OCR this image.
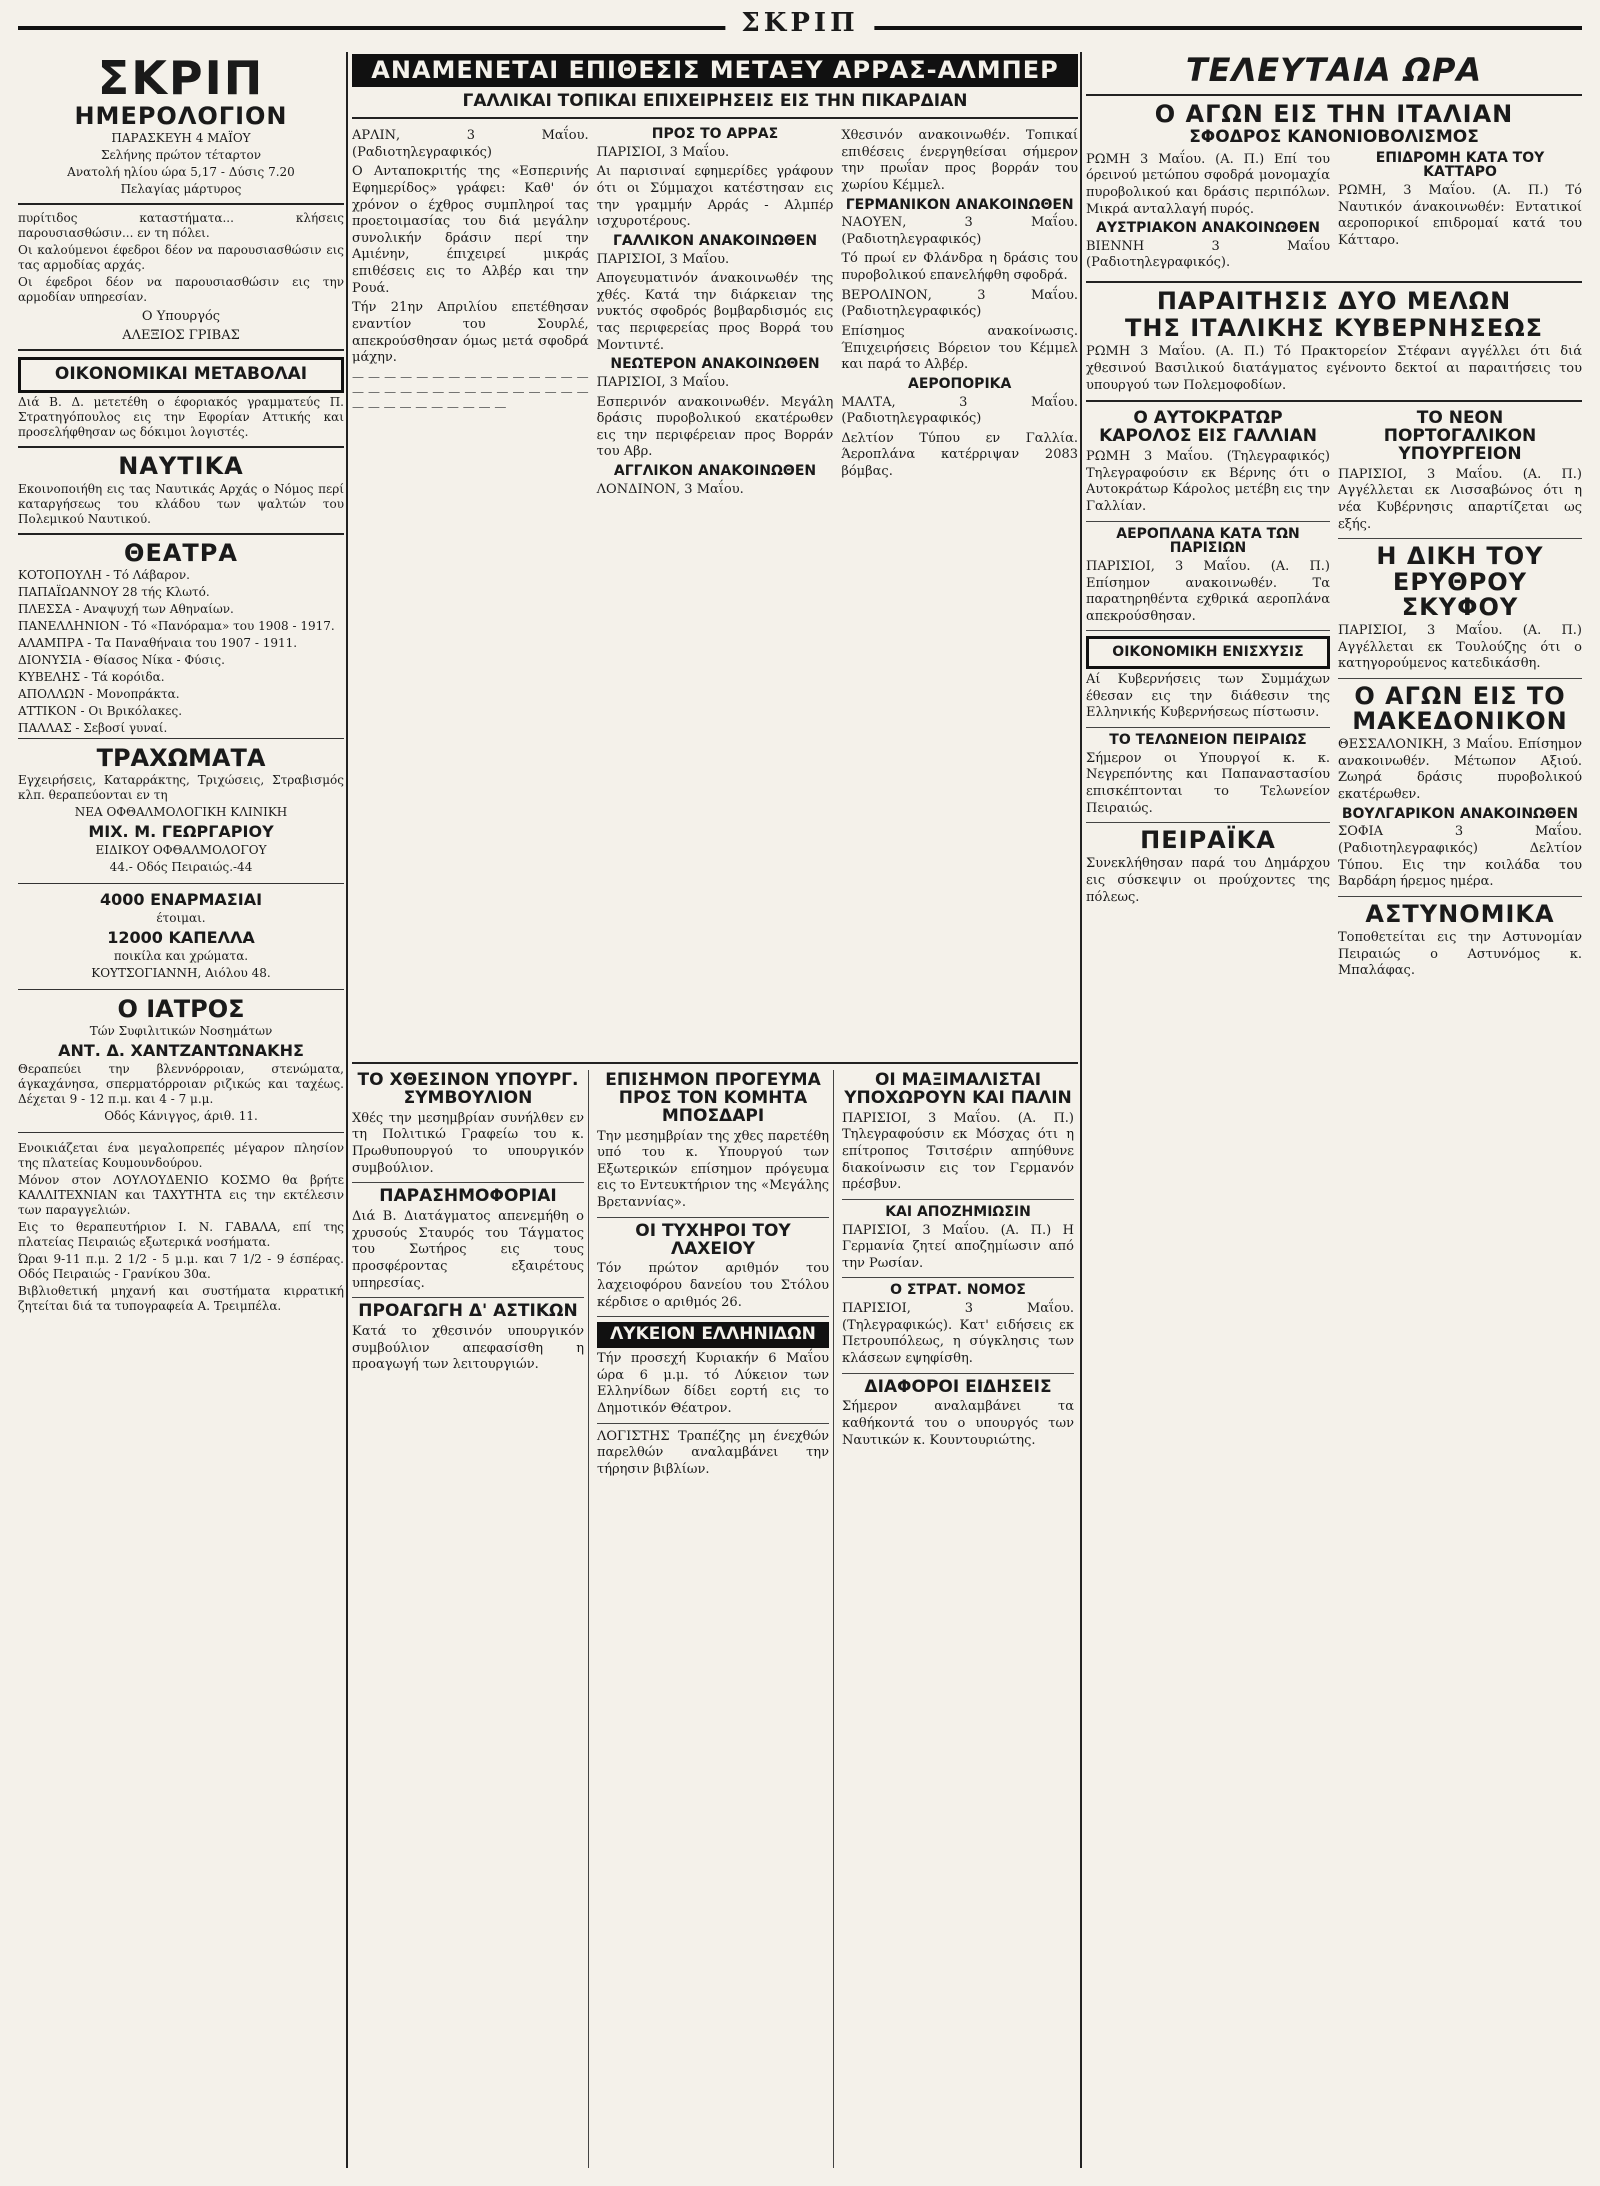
ΣΚΡΙΠ
ΣΚΡΙΠ
ΗΜΕΡΟΛΟΓΙΟΝ
ΠΑΡΑΣΚΕΥΗ 4 ΜΑΪΟΥ
Σελήνης πρώτον τέταρτον
Ανατολή ηλίου ώρα 5,17 - Δύσις 7.20
Πελαγίας μάρτυρος

πυρίτιδος καταστήματα... κλήσεις παρουσιασθώσιν... εν τη πόλει.

Οι καλούμενοι έφεδροι δέον να παρουσιασθώσιν εις τας αρμοδίας αρχάς.

Οι έφεδροι δέον να παρουσιασθώσιν εις την αρμοδίαν υπηρεσίαν.

Ο Υπουργός
ΑΛΕΞΙΟΣ ΓΡΙΒΑΣ
ΟΙΚΟΝΟΜΙΚΑΙ ΜΕΤΑΒΟΛΑΙ

Διά Β. Δ. μετετέθη ο έφοριακός γραμματεύς Π. Στρατηγόπουλος εις την Εφορίαν Αττικής και προσελήφθησαν ως δόκιμοι λογιστές.

ΝΑΥΤΙΚΑ

Εκοινοποιήθη εις τας Ναυτικάς Αρχάς ο Νόμος περί καταργήσεως του κλάδου των ψαλτών του Πολεμικού Ναυτικού.

ΘΕΑΤΡΑ

ΚΟΤΟΠΟΥΛΗ - Τό Λάβαρον.

ΠΑΠΑΪΩΑΝΝΟΥ 28 τής Κλωτό.

ΠΛΕΣΣΑ - Αναψυχή των Αθηναίων.

ΠΑΝΕΛΛΗΝΙΟΝ - Τό «Πανόραμα» του 1908 - 1917.

ΑΛΑΜΠΡΑ - Τα Παναθήναια του 1907 - 1911.

ΔΙΟΝΥΣΙΑ - Θίασος Νίκα - Φύσις.

ΚΥΒΕΛΗΣ - Τά κορόιδα.

ΑΠΟΛΛΩΝ - Μονοπράκτα.

ΑΤΤΙΚΟΝ - Οι Βρικόλακες.

ΠΑΛΛΑΣ - Σεβοσί γυναί.

ΤΡΑΧΩΜΑΤΑ

Εγχειρήσεις, Καταρράκτης, Τριχώσεις, Στραβισμός κλπ. θεραπεύονται εν τη

ΝΕΑ ΟΦΘΑΛΜΟΛΟΓΙΚΗ ΚΛΙΝΙΚΗ
ΜΙΧ. Μ. ΓΕΩΡΓΑΡΙΟΥ
ΕΙΔΙΚΟΥ ΟΦΘΑΛΜΟΛΟΓΟΥ
44.- Οδός Πειραιώς.-44
4000 ΕΝΑΡΜΑΣΙΑΙ
έτοιμαι.
12000 ΚΑΠΕΛΛΑ
ποικίλα και χρώματα.
ΚΟΥΤΣΟΓΙΑΝΝΗ, Αιόλου 48.
Ο ΙΑΤΡΟΣ
Τών Συφιλιτικών Νοσημάτων
ΑΝΤ. Δ. ΧΑΝΤΖΑΝΤΩΝΑΚΗΣ

Θεραπεύει την βλεννόρροιαν, στενώματα, άγκαχάνησα, σπερματόρροιαν ριζικώς και ταχέως. Δέχεται 9 - 12 π.μ. και 4 - 7 μ.μ.

Οδός Κάνιγγος, άριθ. 11.

Ενοικιάζεται ένα μεγαλοπρεπές μέγαρον πλησίον της πλατείας Κουμουνδούρου.

Μόνον στον ΛΟΥΛΟΥΔΕΝΙΟ ΚΟΣΜΟ θα βρήτε ΚΑΛΛΙΤΕΧΝΙΑΝ και ΤΑΧΥΤΗΤΑ εις την εκτέλεσιν των παραγγελιών.

Εις το θεραπευτήριον Ι. Ν. ΓΑΒΑΛΑ, επί της πλατείας Πειραιώς εξωτερικά νοσήματα.

Ώραι 9-11 π.μ. 2 1/2 - 5 μ.μ. και 7 1/2 - 9 έσπέρας. Οδός Πειραιώς - Γρανίκου 30α.

Βιβλιοθετική μηχανή και συστήματα κιρρατική ζητείται διά τα τυπογραφεία Α. Τρειμπέλα.

ΑΝΑΜΕΝΕΤΑΙ ΕΠΙΘΕΣΙΣ ΜΕΤΑΞΥ ΑΡΡΑΣ-ΑΛΜΠΕΡ
ΓΑΛΛΙΚΑΙ ΤΟΠΙΚΑΙ ΕΠΙΧΕΙΡΗΣΕΙΣ ΕΙΣ ΤΗΝ ΠΙΚΑΡΔΙΑΝ

ΑΡΛΙΝ, 3 Μαΐου. (Ραδιοτηλεγραφικός)

Ο Ανταποκριτής της «Εσπερινής Εφημερίδος» γράφει: Καθ' όν χρόνον ο έχθρος συμπληροί τας προετοιμασίας του διά μεγάλην συνολικήν δράσιν περί την Αμιένην, έπιχειρεί μικράς επιθέσεις εις το Αλβέρ και την Ρουά.

Τήν 21ην Απριλίου επετέθησαν εναντίον του Σουρλέ, απεκρούσθησαν όμως μετά σφοδρά μάχην.

— — — — — — — — — — — — — — — — — — — — — — — — — — — — — — — — — — — — — — — —
ΠΡΟΣ ΤΟ ΑΡΡΑΣ

ΠΑΡΙΣΙΟΙ, 3 Μαΐου.

Αι παρισιναί εφημερίδες γράφουν ότι οι Σύμμαχοι κατέστησαν εις την γραμμήν Αρράς - Αλμπέρ ισχυροτέρους.

ΓΑΛΛΙΚΟΝ ΑΝΑΚΟΙΝΩΘΕΝ

ΠΑΡΙΣΙΟΙ, 3 Μαΐου.

Απογευματινόν άνακοινωθέν της χθές. Κατά την διάρκειαν της νυκτός σφοδρός βομβαρδισμός εις τας περιφερείας προς Βορρά του Μοντιντέ.

ΝΕΩΤΕΡΟΝ ΑΝΑΚΟΙΝΩΘΕΝ

ΠΑΡΙΣΙΟΙ, 3 Μαΐου.

Εσπερινόν ανακοινωθέν. Μεγάλη δράσις πυροβολικού εκατέρωθεν εις την περιφέρειαν προς Βορράν του Αβρ.

ΑΓΓΛΙΚΟΝ ΑΝΑΚΟΙΝΩΘΕΝ

ΛΟΝΔΙΝΟΝ, 3 Μαΐου.

Χθεσινόν ανακοινωθέν. Τοπικαί επιθέσεις ένεργηθείσαι σήμερον την πρωΐαν προς βορράν του χωρίου Κέμμελ.

ΓΕΡΜΑΝΙΚΟΝ ΑΝΑΚΟΙΝΩΘΕΝ

ΝΑΟΥΕΝ, 3 Μαΐου. (Ραδιοτηλεγραφικός)

Τό πρωί εν Φλάνδρα η δράσις του πυροβολικού επανελήφθη σφοδρά.

ΒΕΡΟΛΙΝΟΝ, 3 Μαΐου. (Ραδιοτηλεγραφικός)

Επίσημος ανακοίνωσις. Έπιχειρήσεις Βόρειον του Κέμμελ και παρά το Αλβέρ.

ΑΕΡΟΠΟΡΙΚΑ

ΜΑΛΤΑ, 3 Μαΐου. (Ραδιοτηλεγραφικός)

Δελτίον Τύπου εν Γαλλία. Άεροπλάνα κατέρριψαν 2083 βόμβας.

ΤΟ ΧΘΕΣΙΝΟΝ ΥΠΟΥΡΓ. ΣΥΜΒΟΥΛΙΟΝ

Χθές την μεσημβρίαν συνήλθεν εν τη Πολιτικώ Γραφείω του κ. Πρωθυπουργού το υπουργικόν συμβούλιον.

ΠΑΡΑΣΗΜΟΦΟΡΙΑΙ

Διά Β. Διατάγματος απενεμήθη ο χρυσούς Σταυρός του Τάγματος του Σωτήρος εις τους προσφέροντας εξαιρέτους υπηρεσίας.

ΠΡΟΑΓΩΓΗ Δ' ΑΣΤΙΚΩΝ

Κατά το χθεσινόν υπουργικόν συμβούλιον απεφασίσθη η προαγωγή των λειτουργιών.

ΕΠΙΣΗΜΟΝ ΠΡΟΓΕΥΜΑ ΠΡΟΣ ΤΟΝ ΚΟΜΗΤΑ ΜΠΟΣΔΑΡΙ

Την μεσημβρίαν της χθες παρετέθη υπό του κ. Υπουργού των Εξωτερικών επίσημον πρόγευμα εις το Εντευκτήριον της «Μεγάλης Βρεταννίας».

ΟΙ ΤΥΧΗΡΟΙ ΤΟΥ ΛΑΧΕΙΟΥ

Τόν πρώτον αριθμόν του λαχειοφόρου δανείου του Στόλου κέρδισε ο αριθμός 26.

ΛΥΚΕΙΟΝ ΕΛΛΗΝΙΔΩΝ

Τήν προσεχή Κυριακήν 6 Μαΐου ώρα 6 μ.μ. τό Λύκειον των Ελληνίδων δίδει εορτή εις το Δημοτικόν Θέατρον.

ΛΟΓΙΣΤΗΣ Τραπέζης μη ένεχθών παρελθών αναλαμβάνει την τήρησιν βιβλίων.

ΟΙ ΜΑΞΙΜΑΛΙΣΤΑΙ ΥΠΟΧΩΡΟΥΝ ΚΑΙ ΠΑΛΙΝ

ΠΑΡΙΣΙΟΙ, 3 Μαΐου. (Α. Π.) Τηλεγραφούσιν εκ Μόσχας ότι η επίτροπος Τσιτσέριν απηύθυνε διακοίνωσιν εις τον Γερμανόν πρέσβυν.

ΚΑΙ ΑΠΟΖΗΜΙΩΣΙΝ

ΠΑΡΙΣΙΟΙ, 3 Μαΐου. (Α. Π.) Η Γερμανία ζητεί αποζημίωσιν από την Ρωσίαν.

Ο ΣΤΡΑΤ. ΝΟΜΟΣ

ΠΑΡΙΣΙΟΙ, 3 Μαΐου. (Τηλεγραφικώς). Κατ' ειδήσεις εκ Πετρουπόλεως, η σύγκλησις των κλάσεων εψηφίσθη.

ΔΙΑΦΟΡΟΙ ΕΙΔΗΣΕΙΣ

Σήμερον αναλαμβάνει τα καθήκοντά του ο υπουργός των Ναυτικών κ. Κουντουριώτης.

ΤΕΛΕΥΤΑΙΑ ΩΡΑ
Ο ΑΓΩΝ ΕΙΣ ΤΗΝ ΙΤΑΛΙΑΝ
ΣΦΟΔΡΟΣ ΚΑΝΟΝΙΟΒΟΛΙΣΜΟΣ

ΡΩΜΗ 3 Μαΐου. (Α. Π.) Επί του όρεινού μετώπου σφοδρά μονομαχία πυροβολικού και δράσις περιπόλων. Μικρά ανταλλαγή πυρός.

ΑΥΣΤΡΙΑΚΟΝ ΑΝΑΚΟΙΝΩΘΕΝ

ΒΙΕΝΝΗ 3 Μαΐου (Ραδιοτηλεγραφικός).

ΕΠΙΔΡΟΜΗ ΚΑΤΑ ΤΟΥ ΚΑΤΤΑΡΟ

ΡΩΜΗ, 3 Μαΐου. (Α. Π.) Τό Ναυτικόν άνακοινωθέν: Εντατικοί αεροπορικοί επιδρομαί κατά του Κάτταρο.

ΠΑΡΑΙΤΗΣΙΣ ΔΥΟ ΜΕΛΩΝ
ΤΗΣ ΙΤΑΛΙΚΗΣ ΚΥΒΕΡΝΗΣΕΩΣ

ΡΩΜΗ 3 Μαΐου. (Α. Π.) Τό Πρακτορείον Στέφανι αγγέλλει ότι διά χθεσινού Βασιλικού διατάγματος εγένοντο δεκτοί αι παραιτήσεις του υπουργού των Πολεμοφοδίων.

Ο ΑΥΤΟΚΡΑΤΩΡ ΚΑΡΟΛΟΣ ΕΙΣ ΓΑΛΛΙΑΝ

ΡΩΜΗ 3 Μαΐου. (Τηλεγραφικός) Τηλεγραφούσιν εκ Βέρνης ότι ο Αυτοκράτωρ Κάρολος μετέβη εις την Γαλλίαν.

ΑΕΡΟΠΛΑΝΑ ΚΑΤΑ ΤΩΝ ΠΑΡΙΣΙΩΝ

ΠΑΡΙΣΙΟΙ, 3 Μαΐου. (Α. Π.) Επίσημον ανακοινωθέν. Τα παρατηρηθέντα εχθρικά αεροπλάνα απεκρούσθησαν.

ΟΙΚΟΝΟΜΙΚΗ ΕΝΙΣΧΥΣΙΣ

Αί Κυβερνήσεις των Συμμάχων έθεσαν εις την διάθεσιν της Ελληνικής Κυβερνήσεως πίστωσιν.

ΤΟ ΤΕΛΩΝΕΙΟΝ ΠΕΙΡΑΙΩΣ

Σήμερον οι Υπουργοί κ. κ. Νεγρεπόντης και Παπαναστασίου επισκέπτονται το Τελωνείον Πειραιώς.

ΠΕΙΡΑΪΚΑ

Συνεκλήθησαν παρά του Δημάρχου εις σύσκεψιν οι προύχοντες της πόλεως.

ΤΟ ΝΕΟΝ ΠΟΡΤΟΓΑΛΙΚΟΝ ΥΠΟΥΡΓΕΙΟΝ

ΠΑΡΙΣΙΟΙ, 3 Μαΐου. (Α. Π.) Αγγέλλεται εκ Λισσαβώνος ότι η νέα Κυβέρνησις απαρτίζεται ως εξής.

Η ΔΙΚΗ ΤΟΥ ΕΡΥΘΡΟΥ ΣΚΥΦΟΥ

ΠΑΡΙΣΙΟΙ, 3 Μαΐου. (Α. Π.) Αγγέλλεται εκ Τουλούζης ότι ο κατηγορούμενος κατεδικάσθη.

Ο ΑΓΩΝ ΕΙΣ ΤΟ ΜΑΚΕΔΟΝΙΚΟΝ

ΘΕΣΣΑΛΟΝΙΚΗ, 3 Μαΐου. Επίσημον ανακοινωθέν. Μέτωπον Αξιού. Ζωηρά δράσις πυροβολικού εκατέρωθεν.

ΒΟΥΛΓΑΡΙΚΟΝ ΑΝΑΚΟΙΝΩΘΕΝ

ΣΟΦΙΑ 3 Μαΐου. (Ραδιοτηλεγραφικός) Δελτίον Τύπου. Εις την κοιλάδα του Βαρδάρη ήρεμος ημέρα.

ΑΣΤΥΝΟΜΙΚΑ

Τοποθετείται εις την Αστυνομίαν Πειραιώς ο Αστυνόμος κ. Μπαλάφας.
